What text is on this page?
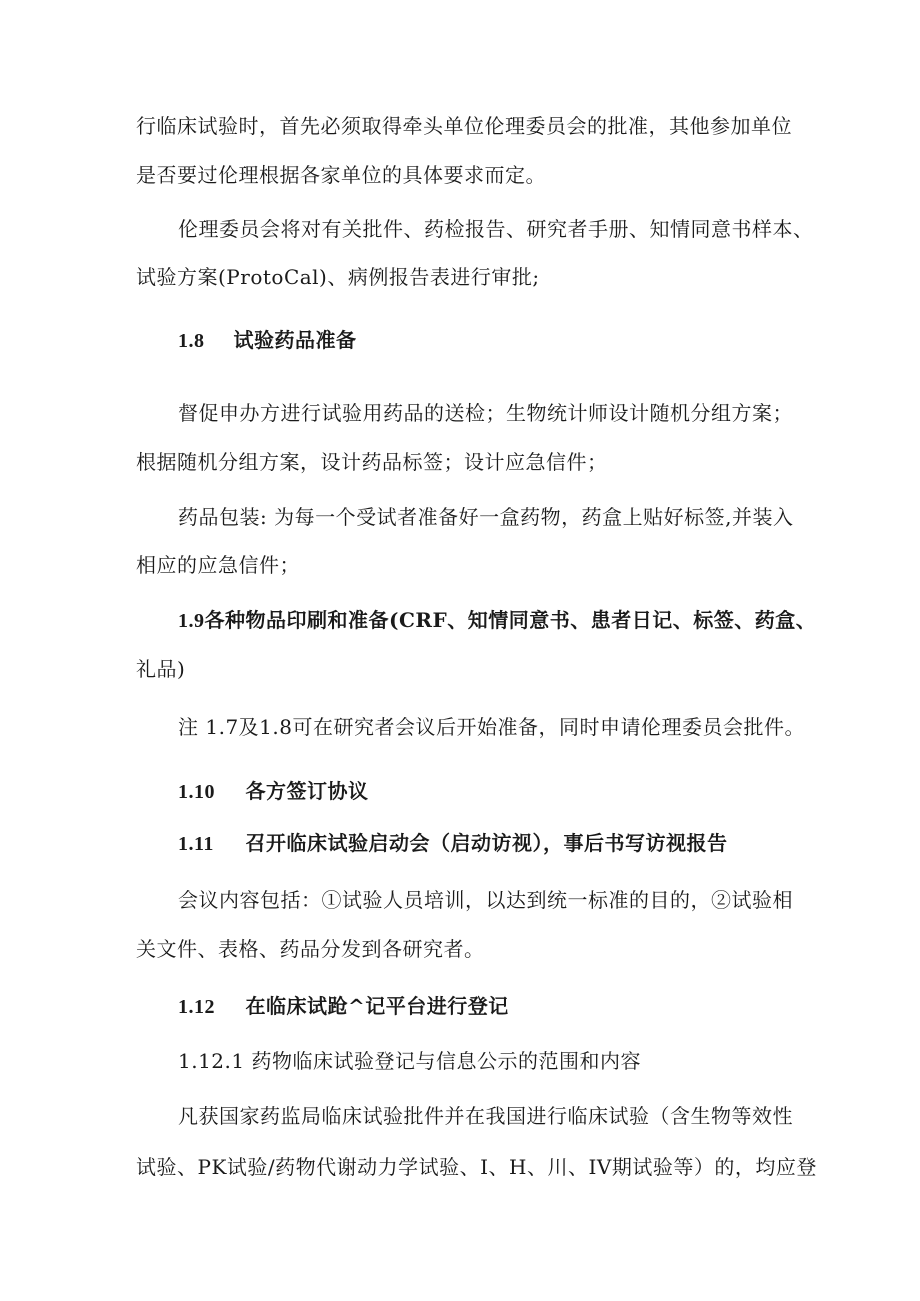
行临床试验时，首先必须取得牵头单位伦理委员会的批准，其他参加单位
是否要过伦理根据各家单位的具体要求而定。
伦理委员会将对有关批件、药检报告、研究者手册、知情同意书样本、
试验方案(ProtoCal)、病例报告表进行审批;
1.8 试验药品准备
督促申办方进行试验用药品的送检；生物统计师设计随机分组方案；
根据随机分组方案，设计药品标签；设计应急信件；
药品包装: 为每一个受试者准备好一盒药物，药盒上贴好标签,并装入
相应的应急信件；
1.9各种物品印刷和准备(CRF、知情同意书、患者日记、标签、药盒、
礼品)
注 1.7及1.8可在研究者会议后开始准备，同时申请伦理委员会批件。
1.10 各方签订协议
1.11 召开临床试验启动会（启动访视），事后书写访视报告
会议内容包括：①试验人员培训，以达到统一标准的目的，②试验相
关文件、表格、药品分发到各研究者。
1.12 在临床试跄^记平台进行登记
1.12.1 药物临床试验登记与信息公示的范围和内容
凡获国家药监局临床试验批件并在我国进行临床试验（含生物等效性
试验、PK试验/药物代谢动力学试验、I、H、川、IV期试验等）的，均应登
